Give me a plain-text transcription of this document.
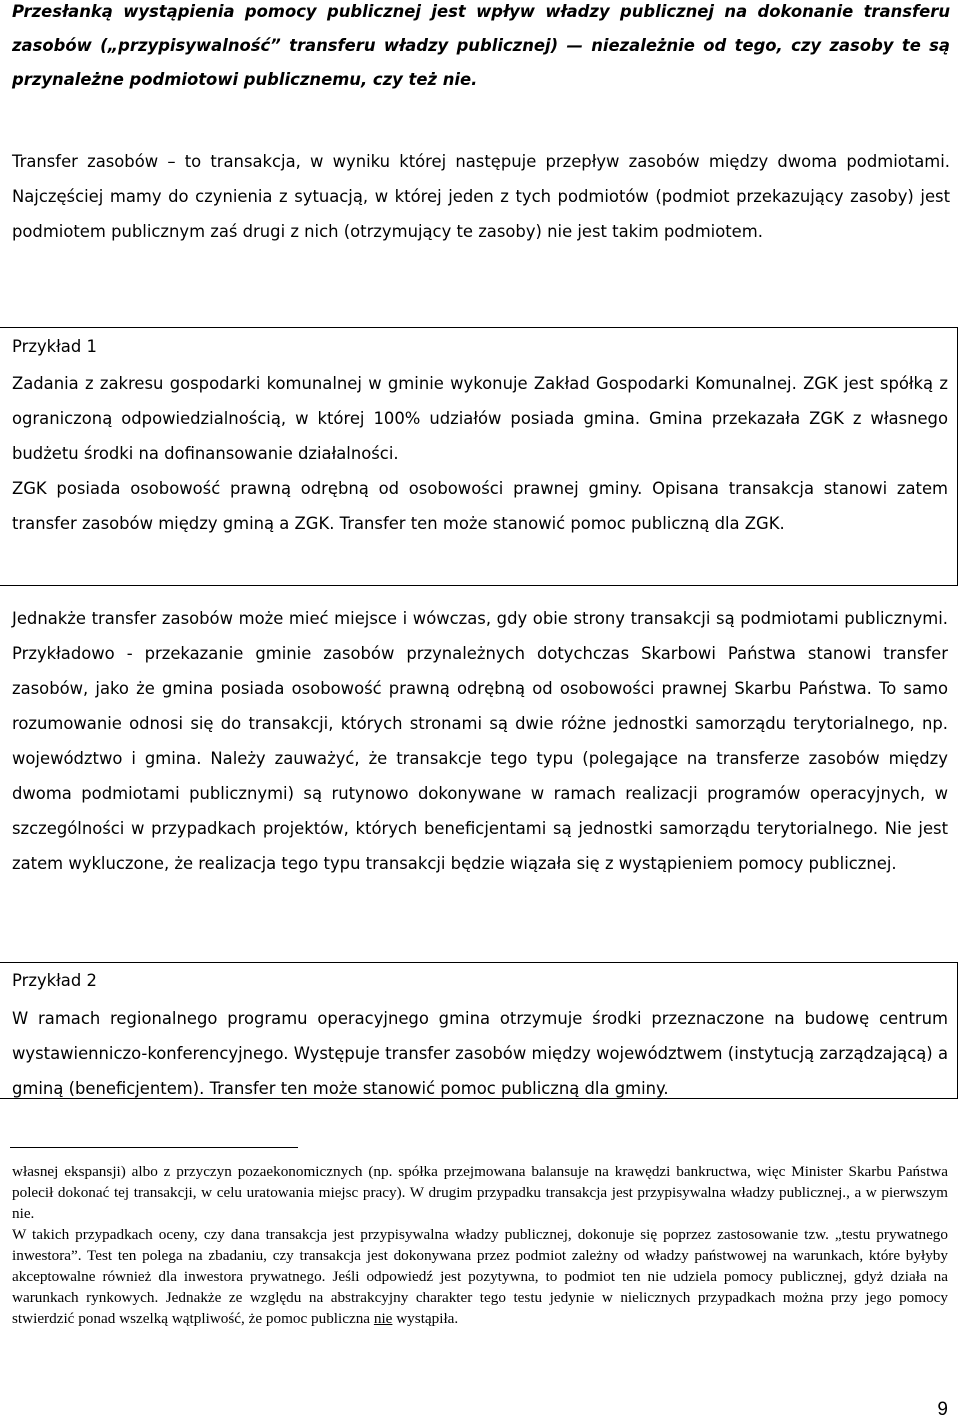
Przesłanką wystąpienia pomocy publicznej jest wpływ władzy publicznej na dokonanie transferu zasobów („przypisywalność” transferu władzy publicznej) — niezależnie od tego, czy zasoby te są przynależne podmiotowi publicznemu, czy też nie.

Transfer zasobów – to transakcja, w wyniku której następuje przepływ zasobów między dwoma podmiotami. Najczęściej mamy do czynienia z sytuacją, w której jeden z tych podmiotów (podmiot przekazujący zasoby) jest podmiotem publicznym zaś drugi z nich (otrzymujący te zasoby) nie jest takim podmiotem.

Przykład 1

Zadania z zakresu gospodarki komunalnej w gminie wykonuje Zakład Gospodarki Komunalnej. ZGK jest spółką z ograniczoną odpowiedzialnością, w której 100% udziałów posiada gmina. Gmina przekazała ZGK z własnego budżetu środki na dofinansowanie działalności.

ZGK posiada osobowość prawną odrębną od osobowości prawnej gminy. Opisana transakcja stanowi zatem transfer zasobów między gminą a ZGK. Transfer ten może stanowić pomoc publiczną dla ZGK.

Jednakże transfer zasobów może mieć miejsce i wówczas, gdy obie strony transakcji są podmiotami publicznymi. Przykładowo - przekazanie gminie zasobów przynależnych dotychczas Skarbowi Państwa stanowi transfer zasobów, jako że gmina posiada osobowość prawną odrębną od osobowości prawnej Skarbu Państwa. To samo rozumowanie odnosi się do transakcji, których stronami są dwie różne jednostki samorządu terytorialnego, np. województwo i gmina. Należy zauważyć, że transakcje tego typu (polegające na transferze zasobów między dwoma podmiotami publicznymi) są rutynowo dokonywane w ramach realizacji programów operacyjnych, w szczególności w przypadkach projektów, których beneficjentami są jednostki samorządu terytorialnego. Nie jest zatem wykluczone, że realizacja tego typu transakcji będzie wiązała się z wystąpieniem pomocy publicznej.

Przykład 2

W ramach regionalnego programu operacyjnego gmina otrzymuje środki przeznaczone na budowę centrum wystawienniczo-konferencyjnego. Występuje transfer zasobów między województwem (instytucją zarządzającą) a gminą (beneficjentem). Transfer ten może stanowić pomoc publiczną dla gminy.

własnej ekspansji) albo z przyczyn pozaekonomicznych (np. spółka przejmowana balansuje na krawędzi bankructwa, więc Minister Skarbu Państwa polecił dokonać tej transakcji, w celu uratowania miejsc pracy). W drugim przypadku transakcja jest przypisywalna władzy publicznej., a w pierwszym nie.

W takich przypadkach oceny, czy dana transakcja jest przypisywalna władzy publicznej, dokonuje się poprzez zastosowanie tzw. „testu prywatnego inwestora”. Test ten polega na zbadaniu, czy transakcja jest dokonywana przez podmiot zależny od władzy państwowej na warunkach, które byłyby akceptowalne również dla inwestora prywatnego. Jeśli odpowiedź jest pozytywna, to podmiot ten nie udziela pomocy publicznej, gdyż działa na warunkach rynkowych. Jednakże ze względu na abstrakcyjny charakter tego testu jedynie w nielicznych przypadkach można przy jego pomocy stwierdzić ponad wszelką wątpliwość, że pomoc publiczna nie wystąpiła.

9
